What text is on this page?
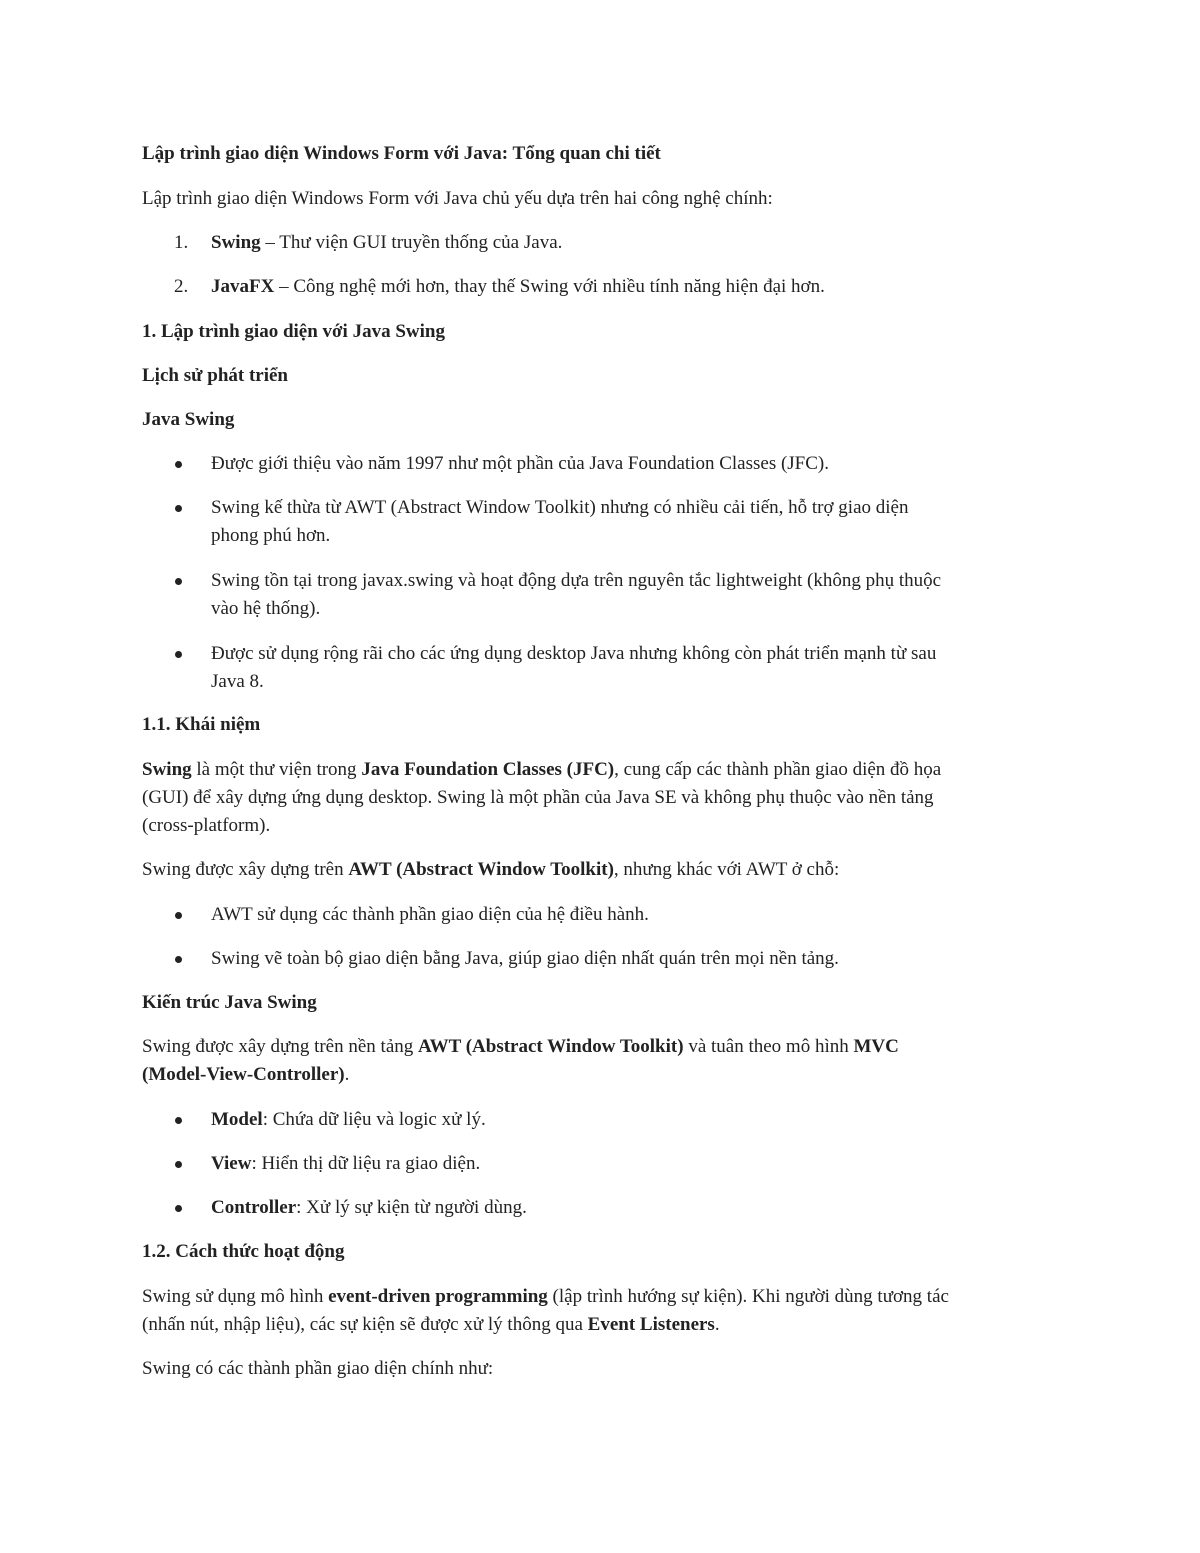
Lập trình giao diện Windows Form với Java: Tổng quan chi tiết
Lập trình giao diện Windows Form với Java chủ yếu dựa trên hai công nghệ chính:
1. Swing – Thư viện GUI truyền thống của Java.
2. JavaFX – Công nghệ mới hơn, thay thế Swing với nhiều tính năng hiện đại hơn.
1. Lập trình giao diện với Java Swing
Lịch sử phát triển
Java Swing
Được giới thiệu vào năm 1997 như một phần của Java Foundation Classes (JFC).
Swing kế thừa từ AWT (Abstract Window Toolkit) nhưng có nhiều cải tiến, hỗ trợ giao diện
phong phú hơn.
Swing tồn tại trong javax.swing và hoạt động dựa trên nguyên tắc lightweight (không phụ thuộc
vào hệ thống).
Được sử dụng rộng rãi cho các ứng dụng desktop Java nhưng không còn phát triển mạnh từ sau
Java 8.
1.1. Khái niệm
Swing là một thư viện trong Java Foundation Classes (JFC), cung cấp các thành phần giao diện đồ họa
(GUI) để xây dựng ứng dụng desktop. Swing là một phần của Java SE và không phụ thuộc vào nền tảng
(cross-platform).
Swing được xây dựng trên AWT (Abstract Window Toolkit), nhưng khác với AWT ở chỗ:
AWT sử dụng các thành phần giao diện của hệ điều hành.
Swing vẽ toàn bộ giao diện bằng Java, giúp giao diện nhất quán trên mọi nền tảng.
Kiến trúc Java Swing
Swing được xây dựng trên nền tảng AWT (Abstract Window Toolkit) và tuân theo mô hình MVC
(Model-View-Controller).
Model: Chứa dữ liệu và logic xử lý.
View: Hiển thị dữ liệu ra giao diện.
Controller: Xử lý sự kiện từ người dùng.
1.2. Cách thức hoạt động
Swing sử dụng mô hình event-driven programming (lập trình hướng sự kiện). Khi người dùng tương tác
(nhấn nút, nhập liệu), các sự kiện sẽ được xử lý thông qua Event Listeners.
Swing có các thành phần giao diện chính như:
